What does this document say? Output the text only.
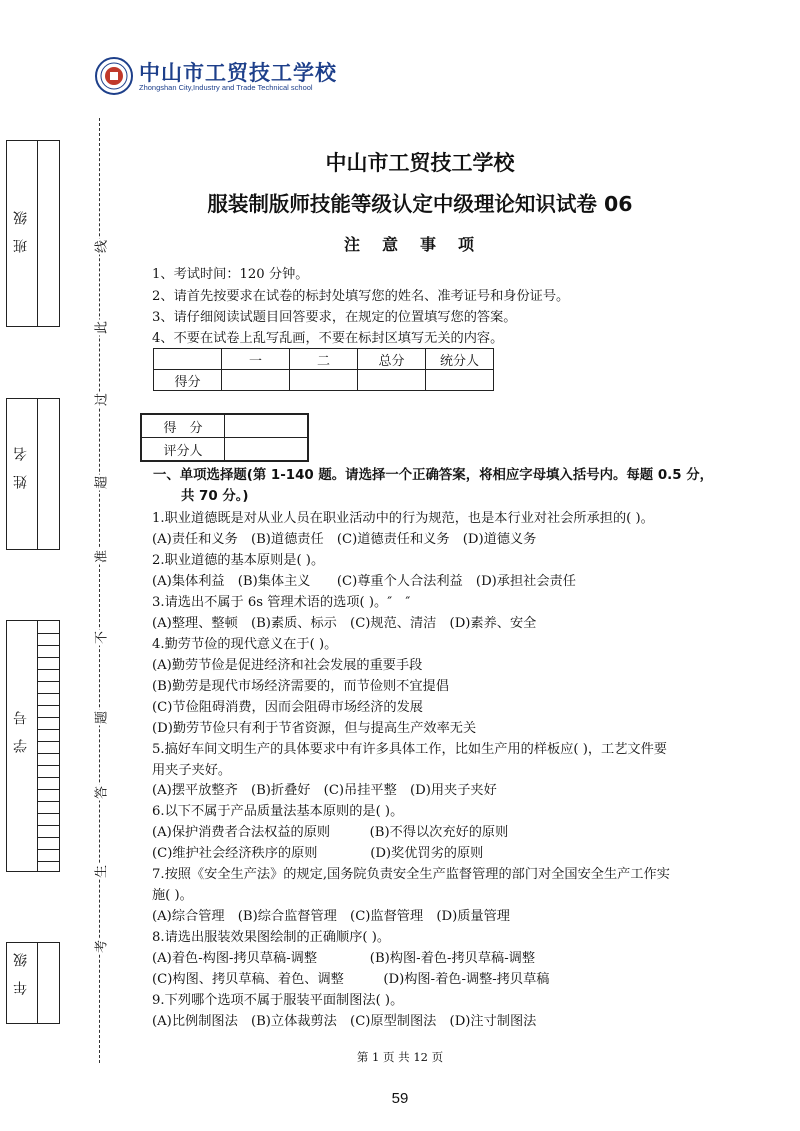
中山市工贸技工学校
Zhongshan City,Industry and Trade Technical school
班　级
姓　名
学　号
年　级
线
此
过
超
准
不
题
答
生
考
中山市工贸技工学校
服装制版师技能等级认定中级理论知识试卷 06
注意事项
1、考试时间：120 分钟。
2、请首先按要求在试卷的标封处填写您的姓名、准考证号和身份证号。
3、请仔细阅读试题目回答要求，在规定的位置填写您的答案。
4、不要在试卷上乱写乱画，不要在标封区填写无关的内容。
	一	二	总分	统分人
得分				
得　分	
评分人	
一、单项选择题(第 1-140 题。请选择一个正确答案，将相应字母填入括号内。每题 0.5 分，
共 70 分。)
1.职业道德既是对从业人员在职业活动中的行为规范，也是本行业对社会所承担的( )。
(A)责任和义务　(B)道德责任　(C)道德责任和义务　(D)道德义务
2.职业道德的基本原则是( )。
(A)集体利益　(B)集体主义　　(C)尊重个人合法利益　(D)承担社会责任
3.请选出不属于 6s 管理术语的选项( )。″　″
(A)整理、整顿　(B)素质、标示　(C)规范、清洁　(D)素养、安全
4.勤劳节俭的现代意义在于( )。
(A)勤劳节俭是促进经济和社会发展的重要手段
(B)勤劳是现代市场经济需要的，而节俭则不宜提倡
(C)节俭阻碍消费，因而会阻碍市场经济的发展
(D)勤劳节俭只有利于节省资源，但与提高生产效率无关
5.搞好车间文明生产的具体要求中有许多具体工作，比如生产用的样板应( )，工艺文件要
用夹子夹好。
(A)摆平放整齐　(B)折叠好　(C)吊挂平整　(D)用夹子夹好
6.以下不属于产品质量法基本原则的是( )。
(A)保护消费者合法权益的原则　　　(B)不得以次充好的原则
(C)维护社会经济秩序的原则　　　　(D)奖优罚劣的原则
7.按照《安全生产法》的规定,国务院负责安全生产监督管理的部门对全国安全生产工作实
施( )。
(A)综合管理　(B)综合监督管理　(C)监督管理　(D)质量管理
8.请选出服装效果图绘制的正确顺序( )。
(A)着色-构图-拷贝草稿-调整　　　　(B)构图-着色-拷贝草稿-调整
(C)构图、拷贝草稿、着色、调整　　　(D)构图-着色-调整-拷贝草稿
9.下列哪个选项不属于服装平面制图法( )。
(A)比例制图法　(B)立体裁剪法　(C)原型制图法　(D)注寸制图法
第 1 页 共 12 页
59
